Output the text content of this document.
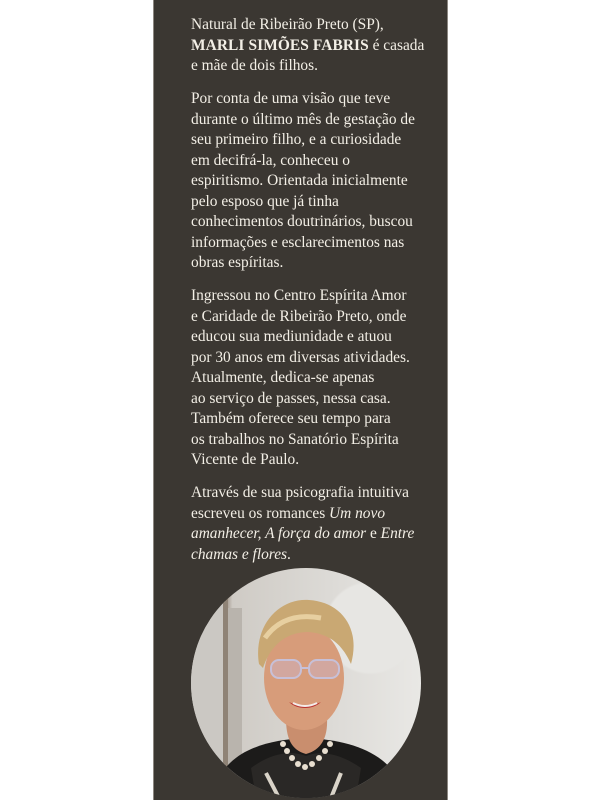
Natural de Ribeirão Preto (SP),
MARLI SIMÕES FABRIS é casada
e mãe de dois filhos.

Por conta de uma visão que teve
durante o último mês de gestação de
seu primeiro filho, e a curiosidade
em decifrá-la, conheceu o
espiritismo. Orientada inicialmente
pelo esposo que já tinha
conhecimentos doutrinários, buscou
informações e esclarecimentos nas
obras espíritas.

Ingressou no Centro Espírita Amor
e Caridade de Ribeirão Preto, onde
educou sua mediunidade e atuou
por 30 anos em diversas atividades.
Atualmente, dedica-se apenas
ao serviço de passes, nessa casa.
Também oferece seu tempo para
os trabalhos no Sanatório Espírita
Vicente de Paulo.

Através de sua psicografia intuitiva
escreveu os romances Um novo
amanhecer, A força do amor e Entre
chamas e flores.
